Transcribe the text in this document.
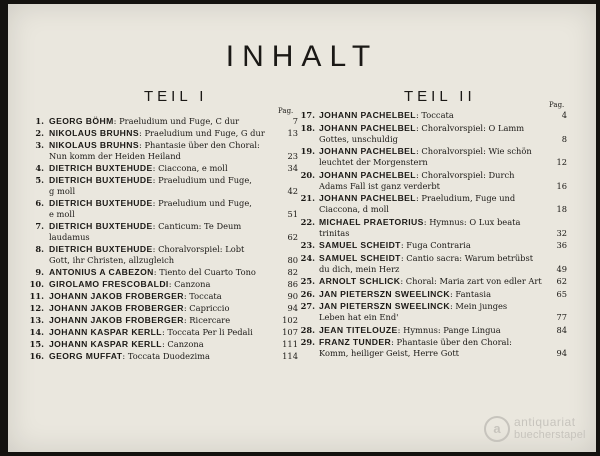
INHALT
TEIL I	TEIL II
Pag.
Pag.
1. GEORG BÖHM: Praeludium und Fuge, C dur	7
2. NIKOLAUS BRUHNS: Praeludium und Fuge, G dur	13
3. NIKOLAUS BRUHNS: Phantasie über den Choral:
Nun komm der Heiden Heiland	23
4. DIETRICH BUXTEHUDE: Ciaccona, e moll	34
5. DIETRICH BUXTEHUDE: Praeludium und Fuge,
g moll	42
6. DIETRICH BUXTEHUDE: Praeludium und Fuge,
e moll	51
7. DIETRICH BUXTEHUDE: Canticum: Te Deum
laudamus	62
8. DIETRICH BUXTEHUDE: Choralvorspiel: Lobt
Gott, ihr Christen, allzugleich	80
9. ANTONIUS A CABEZON: Tiento del Cuarto Tono	82
10. GIROLAMO FRESCOBALDI: Canzona	86
11. JOHANN JAKOB FROBERGER: Toccata	90
12. JOHANN JAKOB FROBERGER: Capriccio	94
13. JOHANN JAKOB FROBERGER: Ricercare	102
14. JOHANN KASPAR KERLL: Toccata Per li Pedali	107
15. JOHANN KASPAR KERLL: Canzona	111
16. GEORG MUFFAT: Toccata Duodezima	114
17. JOHANN PACHELBEL: Toccata	4
18. JOHANN PACHELBEL: Choralvorspiel: O Lamm
Gottes, unschuldig	8
19. JOHANN PACHELBEL: Choralvorspiel: Wie schön
leuchtet der Morgenstern	12
20. JOHANN PACHELBEL: Choralvorspiel: Durch
Adams Fall ist ganz verderbt	16
21. JOHANN PACHELBEL: Praeludium, Fuge und
Ciaccona, d moll	18
22. MICHAEL PRAETORIUS: Hymnus: O Lux beata
trinitas	32
23. SAMUEL SCHEIDT: Fuga Contraria	36
24. SAMUEL SCHEIDT: Cantio sacra: Warum betrübst
du dich, mein Herz	49
25. ARNOLT SCHLICK: Choral: Maria zart von edler Art 62
26. JAN PIETERSZN SWEELINCK: Fantasia	65
27. JAN PIETERSZN SWEELINCK: Mein junges
Leben hat ein End'	77
28. JEAN TITELOUZE: Hymnus: Pange Lingua	84
29. FRANZ TUNDER: Phantasie über den Choral:
Komm, heiliger Geist, Herre Gott	94
a	antiquariat
buecherstapel
